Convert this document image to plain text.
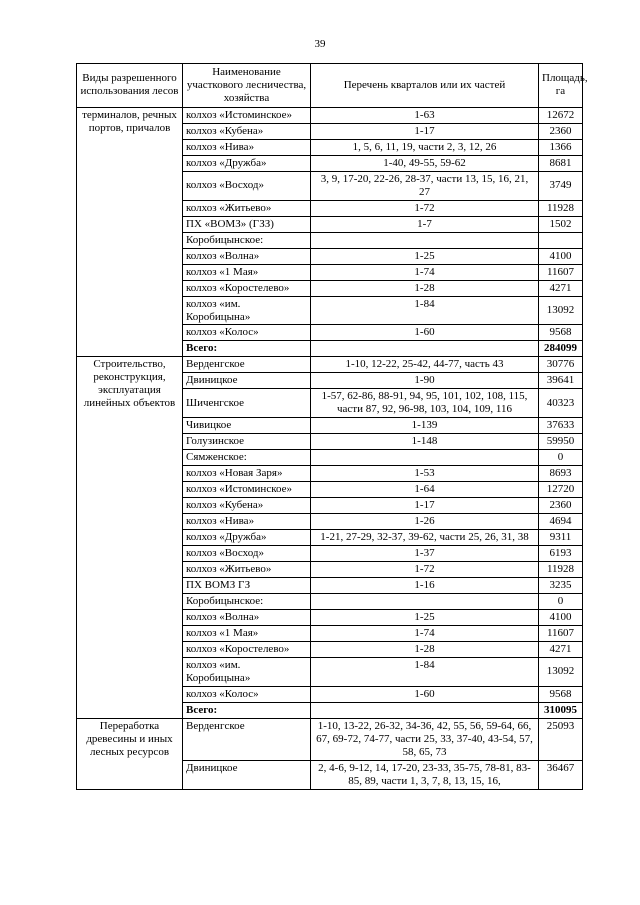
39
Виды разрешенного использования лесов	Наименование участкового лесничества, хозяйства	Перечень кварталов или их частей	Площадь, га
терминалов, речных портов, причалов	колхоз «Истоминское»	1-63	12672
	колхоз «Кубена»	1-17	2360
	колхоз «Нива»	1, 5, 6, 11, 19, части 2, 3, 12, 26	1366
	колхоз «Дружба»	1-40, 49-55, 59-62	8681
	колхоз «Восход»	3, 9, 17-20, 22-26, 28-37, части 13, 15, 16, 21, 27	3749
	колхоз «Житьево»	1-72	11928
	ПХ «ВОМЗ» (ГЗЗ)	1-7	1502
	Коробицынское:		
	колхоз «Волна»	1-25	4100
	колхоз «1 Мая»	1-74	11607
	колхоз «Коростелево»	1-28	4271
	колхоз «им. Коробицына»	1-84	13092
	колхоз «Колос»	1-60	9568
	Всего:		284099
Строительство, реконструкция, эксплуатация линейных объектов	Верденгское	1-10, 12-22, 25-42, 44-77, часть 43	30776
	Двиницкое	1-90	39641
	Шиченгское	1-57, 62-86, 88-91, 94, 95, 101, 102, 108, 115, части 87, 92, 96-98, 103, 104, 109, 116	40323
	Чивицкое	1-139	37633
	Голузинское	1-148	59950
	Сямженское:		0
	колхоз «Новая Заря»	1-53	8693
	колхоз «Истоминское»	1-64	12720
	колхоз «Кубена»	1-17	2360
	колхоз «Нива»	1-26	4694
	колхоз «Дружба»	1-21, 27-29, 32-37, 39-62, части 25, 26, 31, 38	9311
	колхоз «Восход»	1-37	6193
	колхоз «Житьево»	1-72	11928
	ПХ ВОМЗ ГЗ	1-16	3235
	Коробицынское:		0
	колхоз «Волна»	1-25	4100
	колхоз «1 Мая»	1-74	11607
	колхоз «Коростелево»	1-28	4271
	колхоз «им. Коробицына»	1-84	13092
	колхоз «Колос»	1-60	9568
	Всего:		310095
Переработка древесины и иных лесных ресурсов	Верденгское	1-10, 13-22, 26-32, 34-36, 42, 55, 56, 59-64, 66, 67, 69-72, 74-77, части 25, 33, 37-40, 43-54, 57, 58, 65, 73	25093
	Двиницкое	2, 4-6, 9-12, 14, 17-20, 23-33, 35-75, 78-81, 83-85, 89, части 1, 3, 7, 8, 13, 15, 16,	36467
